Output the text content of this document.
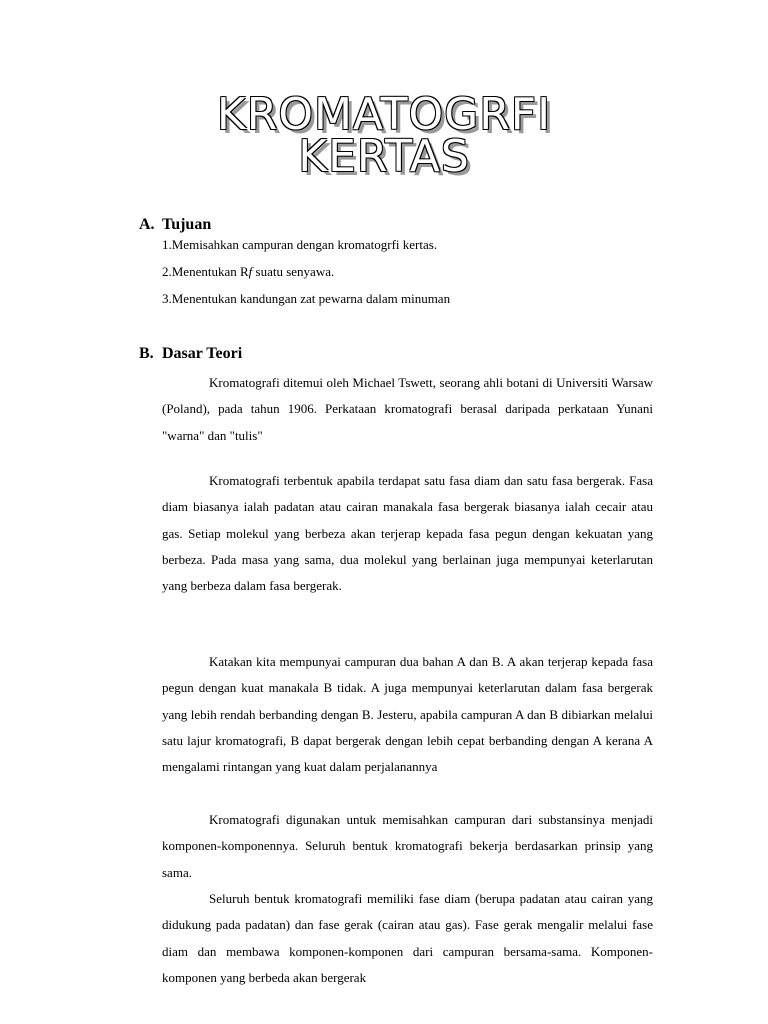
KROMATOGRFI
KERTAS
A. Tujuan
1.Memisahkan campuran dengan kromatogrfi kertas.
2.Menentukan Rf suatu senyawa.
3.Menentukan kandungan zat pewarna dalam minuman
B. Dasar Teori

Kromatografi ditemui oleh Michael Tswett, seorang ahli botani di Universiti Warsaw (Poland), pada tahun 1906. Perkataan kromatografi berasal daripada perkataan Yunani "warna" dan "tulis"

Kromatografi terbentuk apabila terdapat satu fasa diam dan satu fasa bergerak. Fasa diam biasanya ialah padatan atau cairan manakala fasa bergerak biasanya ialah cecair atau gas. Setiap molekul yang berbeza akan terjerap kepada fasa pegun dengan kekuatan yang berbeza. Pada masa yang sama, dua molekul yang berlainan juga mempunyai keterlarutan yang berbeza dalam fasa bergerak.

Katakan kita mempunyai campuran dua bahan A dan B. A akan terjerap kepada fasa pegun dengan kuat manakala B tidak. A juga mempunyai keterlarutan dalam fasa bergerak yang lebih rendah berbanding dengan B. Jesteru, apabila campuran A dan B dibiarkan melalui satu lajur kromatografi, B dapat bergerak dengan lebih cepat berbanding dengan A kerana A mengalami rintangan yang kuat dalam perjalanannya

Kromatografi digunakan untuk memisahkan campuran dari substansinya menjadi komponen-komponennya. Seluruh bentuk kromatografi bekerja berdasarkan prinsip yang sama.

Seluruh bentuk kromatografi memiliki fase diam (berupa padatan atau cairan yang didukung pada padatan) dan fase gerak (cairan atau gas). Fase gerak mengalir melalui fase diam dan membawa komponen-komponen dari campuran bersama-sama. Komponen-komponen yang berbeda akan bergerak
